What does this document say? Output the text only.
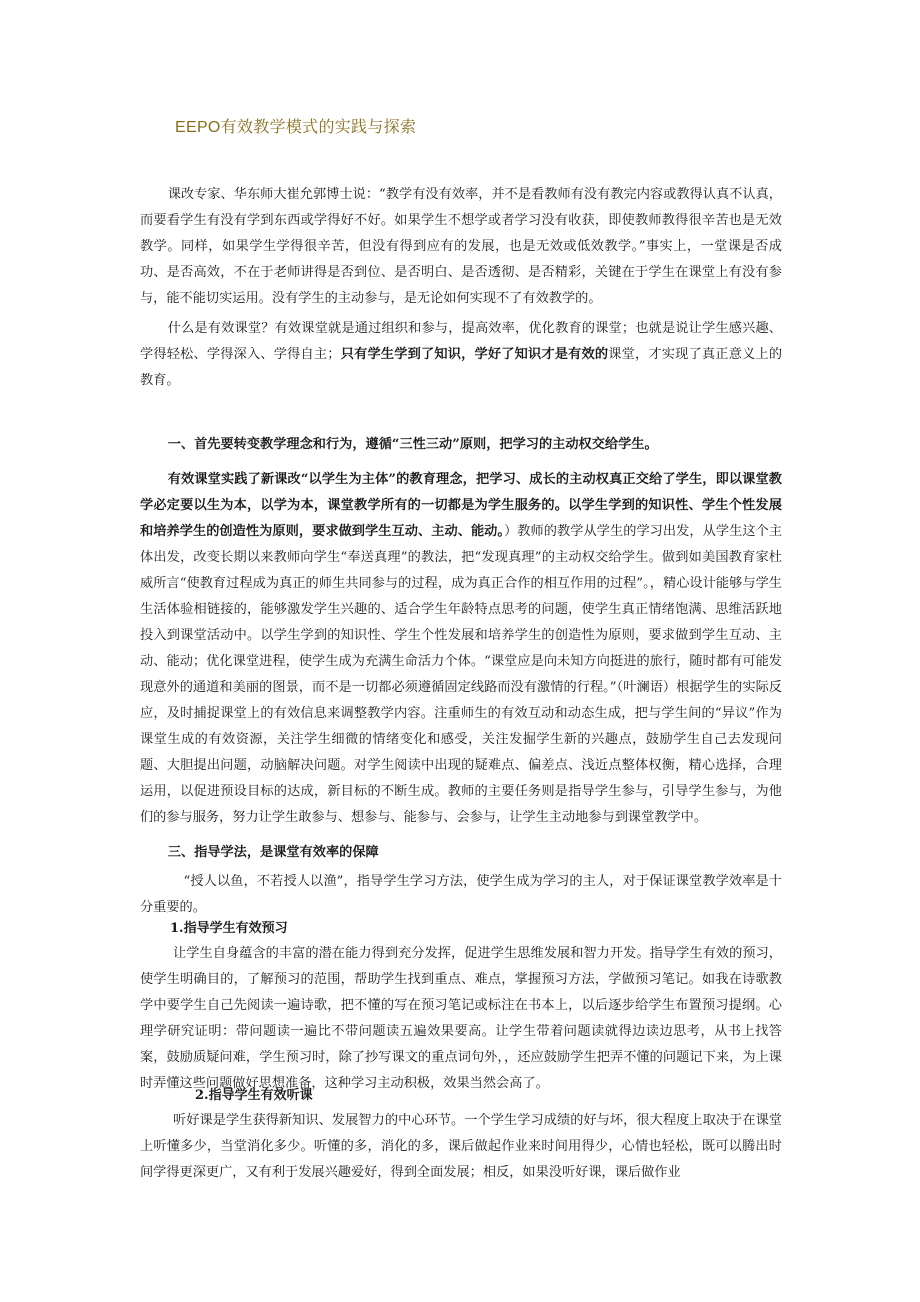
EEPO有效教学模式的实践与探索

课改专家、华东师大崔允郭博士说：“教学有没有效率，并不是看教师有没有教完内容或教得认真不认真，而要看学生有没有学到东西或学得好不好。如果学生不想学或者学习没有收获，即使教师教得很辛苦也是无效教学。同样，如果学生学得很辛苦，但没有得到应有的发展，也是无效或低效教学。”事实上，一堂课是否成功、是否高效，不在于老师讲得是否到位、是否明白、是否透彻、是否精彩，关键在于学生在课堂上有没有参与，能不能切实运用。没有学生的主动参与，是无论如何实现不了有效教学的。

什么是有效课堂？有效课堂就是通过组织和参与，提高效率，优化教育的课堂；也就是说让学生感兴趣、学得轻松、学得深入、学得自主；只有学生学到了知识，学好了知识才是有效的课堂，才实现了真正意义上的教育。

一、首先要转变教学理念和行为，遵循“三性三动”原则，把学习的主动权交给学生。

有效课堂实践了新课改“以学生为主体”的教育理念，把学习、成长的主动权真正交给了学生，即以课堂教学必定要以生为本，以学为本，课堂教学所有的一切都是为学生服务的。以学生学到的知识性、学生个性发展和培养学生的创造性为原则，要求做到学生互动、主动、能动。）教师的教学从学生的学习出发，从学生这个主体出发，改变长期以来教师向学生“奉送真理”的教法，把“发现真理”的主动权交给学生。做到如美国教育家杜威所言“使教育过程成为真正的师生共同参与的过程，成为真正合作的相互作用的过程”。，精心设计能够与学生生活体验相链接的，能够激发学生兴趣的、适合学生年龄特点思考的问题，使学生真正情绪饱满、思维活跃地投入到课堂活动中。以学生学到的知识性、学生个性发展和培养学生的创造性为原则，要求做到学生互动、主动、能动；优化课堂进程，使学生成为充满生命活力个体。“课堂应是向未知方向挺进的旅行，随时都有可能发现意外的通道和美丽的图景，而不是一切都必须遵循固定线路而没有激情的行程。”（叶澜语）根据学生的实际反应，及时捕捉课堂上的有效信息来调整教学内容。注重师生的有效互动和动态生成，把与学生间的“异议”作为课堂生成的有效资源，关注学生细微的情绪变化和感受，关注发掘学生新的兴趣点，鼓励学生自己去发现问题、大胆提出问题，动脑解决问题。对学生阅读中出现的疑难点、偏差点、浅近点整体权衡，精心选择，合理运用，以促进预设目标的达成，新目标的不断生成。教师的主要任务则是指导学生参与，引导学生参与，为他们的参与服务，努力让学生敢参与、想参与、能参与、会参与，让学生主动地参与到课堂教学中。

三、指导学法，是课堂有效率的保障

“授人以鱼，不若授人以渔”，指导学生学习方法，使学生成为学习的主人，对于保证课堂教学效率是十分重要的。

1.指导学生有效预习

让学生自身蕴含的丰富的潜在能力得到充分发挥，促进学生思维发展和智力开发。指导学生有效的预习，使学生明确目的，了解预习的范围，帮助学生找到重点、难点，掌握预习方法，学做预习笔记。如我在诗歌教学中要学生自己先阅读一遍诗歌，把不懂的写在预习笔记或标注在书本上，以后逐步给学生布置预习提纲。心理学研究证明：带问题读一遍比不带问题读五遍效果要高。让学生带着问题读就得边读边思考，从书上找答案，鼓励质疑问难，学生预习时，除了抄写课文的重点词句外，，还应鼓励学生把弄不懂的问题记下来，为上课时弄懂这些问题做好思想准备，这种学习主动积极，效果当然会高了。

2.指导学生有效听课

听好课是学生获得新知识、发展智力的中心环节。一个学生学习成绩的好与坏，很大程度上取决于在课堂上听懂多少，当堂消化多少。听懂的多，消化的多，课后做起作业来时间用得少，心情也轻松，既可以腾出时间学得更深更广，又有利于发展兴趣爱好，得到全面发展；相反，如果没听好课，课后做作业
